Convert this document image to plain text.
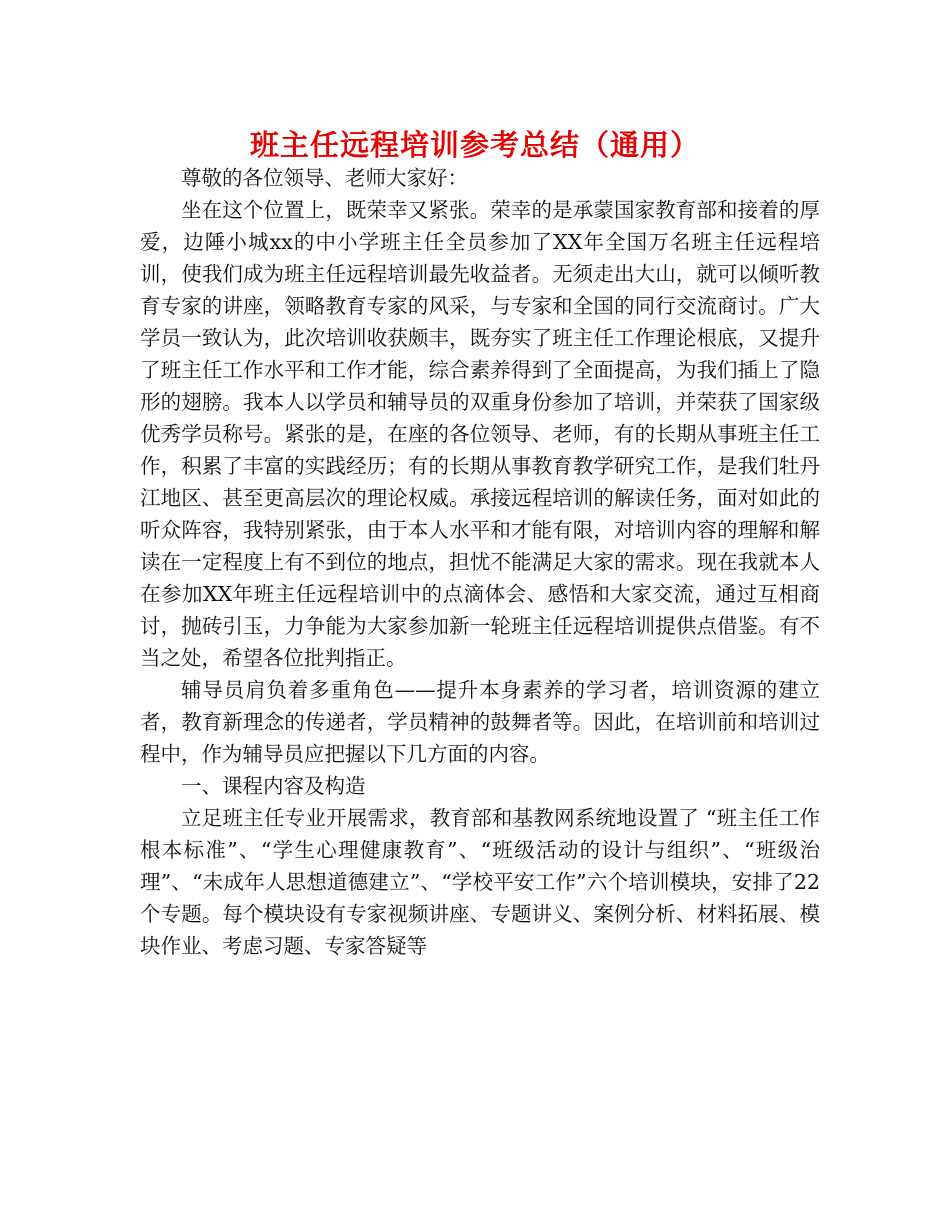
班主任远程培训参考总结（通用）

尊敬的各位领导、老师大家好：

坐在这个位置上，既荣幸又紧张。荣幸的是承蒙国家教育部和接着的厚爱，边陲小城xx的中小学班主任全员参加了XX年全国万名班主任远程培训，使我们成为班主任远程培训最先收益者。无须走出大山，就可以倾听教育专家的讲座，领略教育专家的风采，与专家和全国的同行交流商讨。广大学员一致认为，此次培训收获颇丰，既夯实了班主任工作理论根底，又提升了班主任工作水平和工作才能，综合素养得到了全面提高，为我们插上了隐形的翅膀。我本人以学员和辅导员的双重身份参加了培训，并荣获了国家级优秀学员称号。紧张的是，在座的各位领导、老师，有的长期从事班主任工作，积累了丰富的实践经历；有的长期从事教育教学研究工作，是我们牡丹江地区、甚至更高层次的理论权威。承接远程培训的解读任务，面对如此的听众阵容，我特别紧张，由于本人水平和才能有限，对培训内容的理解和解读在一定程度上有不到位的地点，担忧不能满足大家的需求。现在我就本人在参加XX年班主任远程培训中的点滴体会、感悟和大家交流，通过互相商讨，抛砖引玉，力争能为大家参加新一轮班主任远程培训提供点借鉴。有不当之处，希望各位批判指正。

辅导员肩负着多重角色——提升本身素养的学习者，培训资源的建立者，教育新理念的传递者，学员精神的鼓舞者等。因此，在培训前和培训过程中，作为辅导员应把握以下几方面的内容。

一、课程内容及构造

立足班主任专业开展需求，教育部和基教网系统地设置了 “班主任工作根本标准”、“学生心理健康教育”、“班级活动的设计与组织”、“班级治理”、“未成年人思想道德建立”、“学校平安工作”六个培训模块，安排了22个专题。每个模块设有专家视频讲座、专题讲义、案例分析、材料拓展、模块作业、考虑习题、专家答疑等
